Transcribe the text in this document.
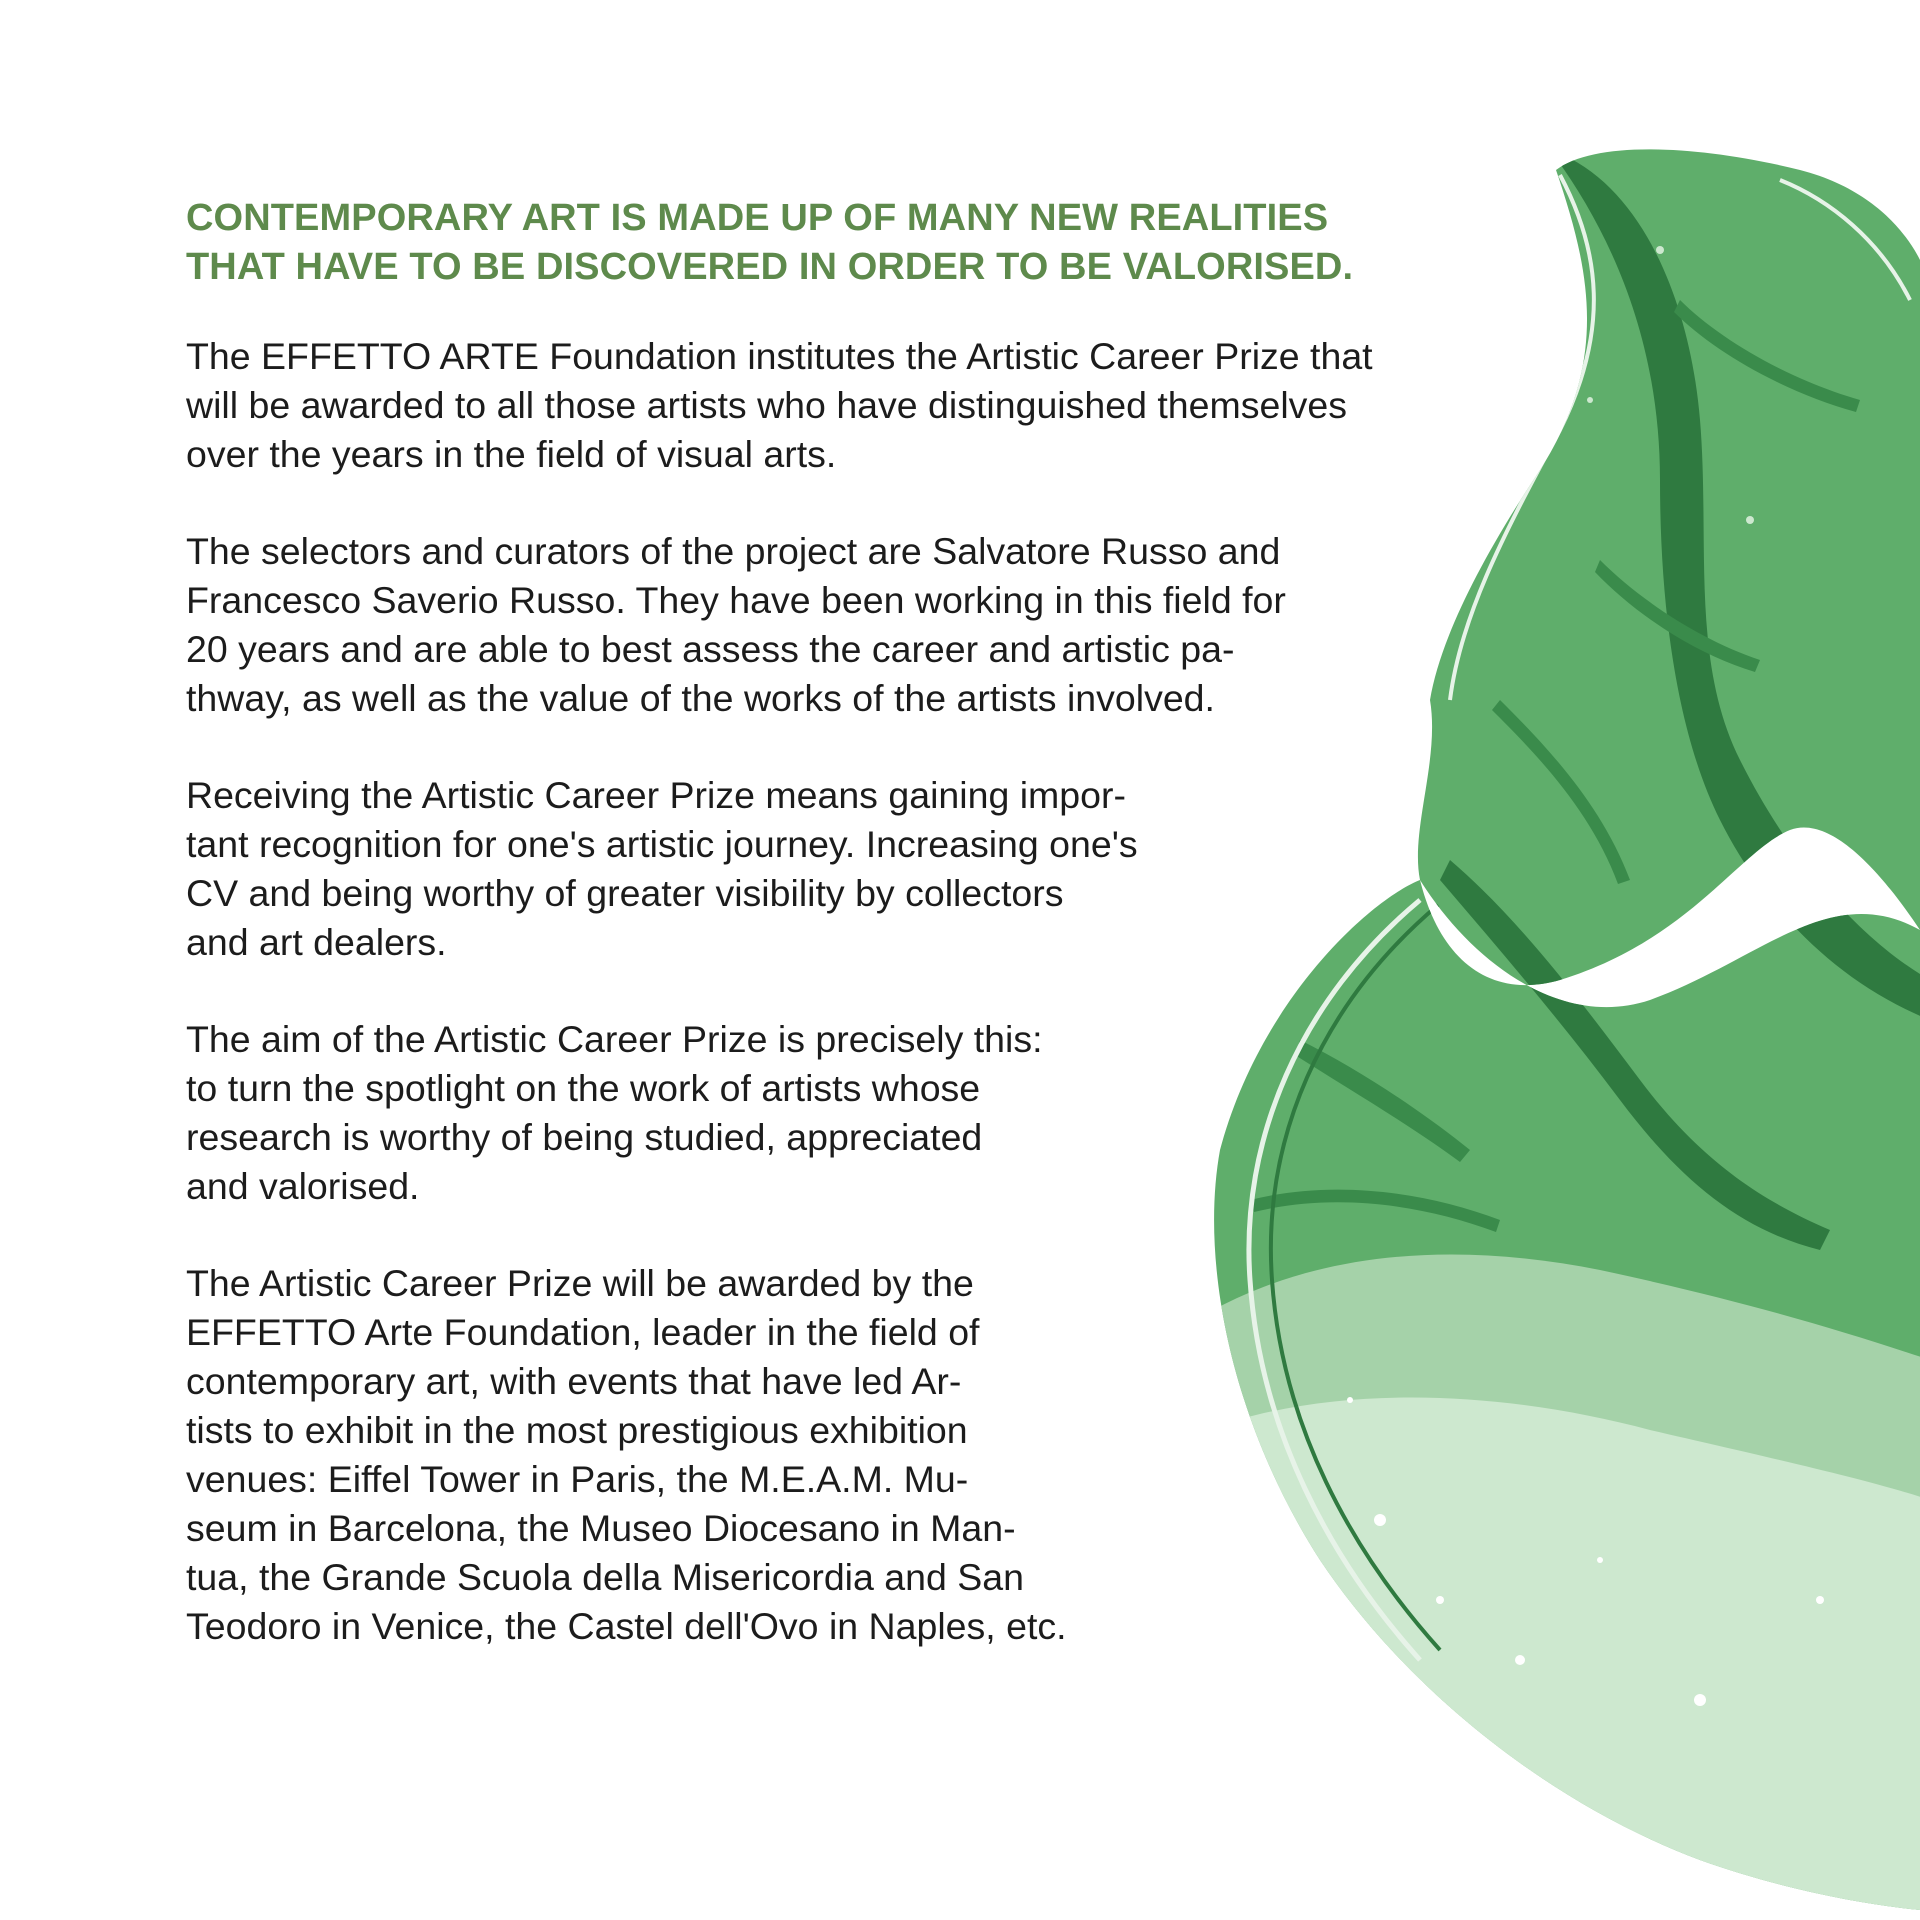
CONTEMPORARY ART IS MADE UP OF MANY NEW REALITIES
THAT HAVE TO BE DISCOVERED IN ORDER TO BE VALORISED.

The EFFETTO ARTE Foundation institutes the Artistic Career Prize that
will be awarded to all those artists who have distinguished themselves
over the years in the field of visual arts.

The selectors and curators of the project are Salvatore Russo and
Francesco Saverio Russo. They have been working in this field for
20 years and are able to best assess the career and artistic pa-
thway, as well as the value of the works of the artists involved.

Receiving the Artistic Career Prize means gaining impor-
tant recognition for one's artistic journey. Increasing one's
CV and being worthy of greater visibility by collectors
and art dealers.

The aim of the Artistic Career Prize is precisely this:
to turn the spotlight on the work of artists whose
research is worthy of being studied, appreciated
and valorised.

The Artistic Career Prize will be awarded by the
EFFETTO Arte Foundation, leader in the field of
contemporary art, with events that have led Ar-
tists to exhibit in the most prestigious exhibition
venues: Eiffel Tower in Paris, the M.E.A.M. Mu-
seum in Barcelona, the Museo Diocesano in Man-
tua, the Grande Scuola della Misericordia and San
Teodoro in Venice, the Castel dell'Ovo in Naples, etc.
